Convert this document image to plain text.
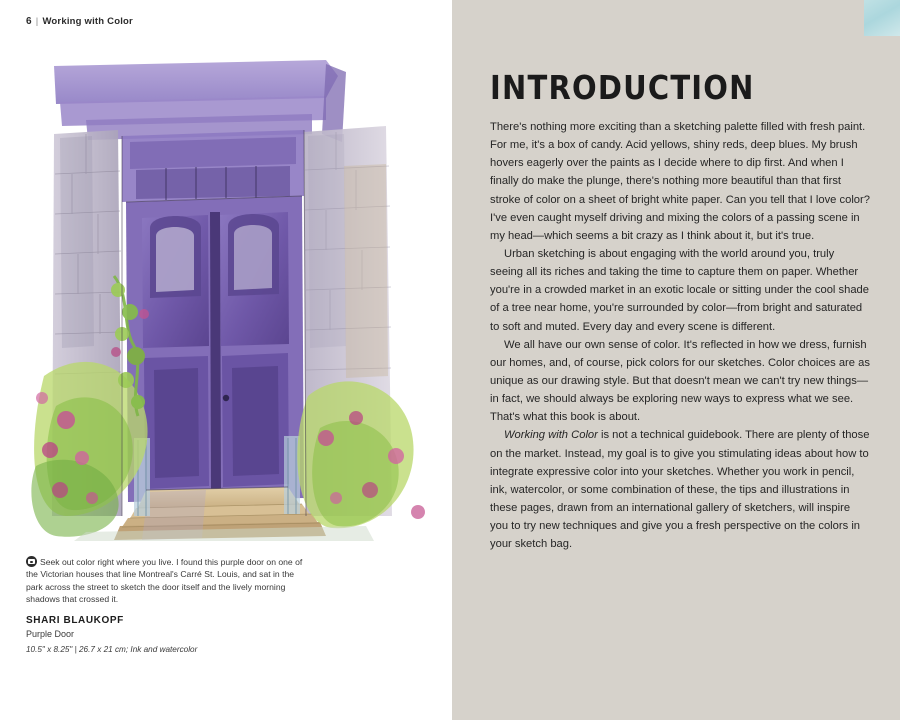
6 | Working with Color
Seek out color right where you live. I found this purple door on one of the Victorian houses that line Montreal's Carré St. Louis, and sat in the park across the street to sketch the door itself and the lively morning shadows that crossed it.
SHARI BLAUKOPF
Purple Door
10.5" x 8.25" | 26.7 x 21 cm; Ink and watercolor
INTRODUCTION

There's nothing more exciting than a sketching palette filled with fresh paint. For me, it's a box of candy. Acid yellows, shiny reds, deep blues. My brush hovers eagerly over the paints as I decide where to dip first. And when I finally do make the plunge, there's nothing more beautiful than that first stroke of color on a sheet of bright white paper. Can you tell that I love color? I've even caught myself driving and mixing the colors of a passing scene in my head—which seems a bit crazy as I think about it, but it's true.

Urban sketching is about engaging with the world around you, truly seeing all its riches and taking the time to capture them on paper. Whether you're in a crowded market in an exotic locale or sitting under the cool shade of a tree near home, you're surrounded by color—from bright and saturated to soft and muted. Every day and every scene is different.

We all have our own sense of color. It's reflected in how we dress, furnish our homes, and, of course, pick colors for our sketches. Color choices are as unique as our drawing style. But that doesn't mean we can't try new things—in fact, we should always be exploring new ways to express what we see. That's what this book is about.

Working with Color is not a technical guidebook. There are plenty of those on the market. Instead, my goal is to give you stimulating ideas about how to integrate expressive color into your sketches. Whether you work in pencil, ink, watercolor, or some combination of these, the tips and illustrations in these pages, drawn from an international gallery of sketchers, will inspire you to try new techniques and give you a fresh perspective on the colors in your sketch bag.
